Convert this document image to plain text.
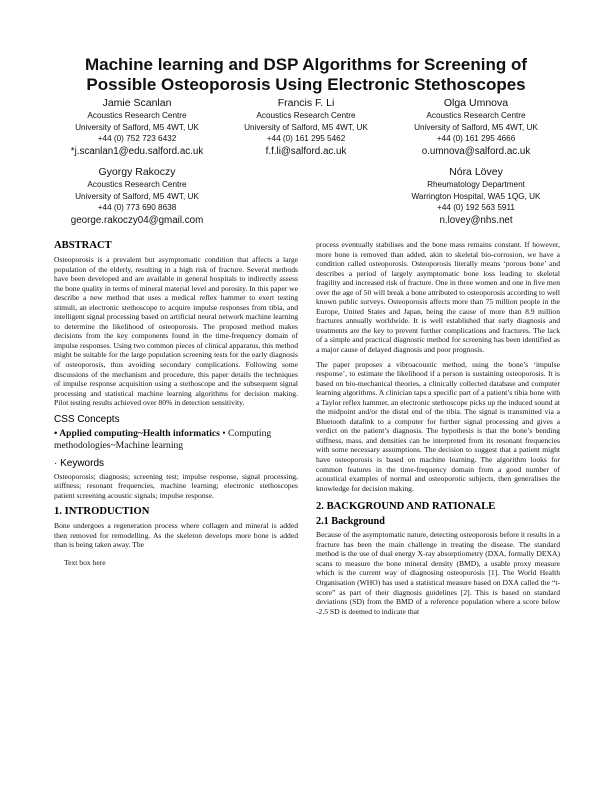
Machine learning and DSP Algorithms for Screening of
Possible Osteoporosis Using Electronic Stethoscopes
Jamie Scanlan
Acoustics Research Centre
University of Salford, M5 4WT, UK
+44 (0) 752 723 6432
*j.scanlan1@edu.salford.ac.uk
Francis F. Li
Acoustics Research Centre
University of Salford, M5 4WT, UK
+44 (0) 161 295 5462
f.f.li@salford.ac.uk
Olga Umnova
Acoustics Research Centre
University of Salford, M5 4WT, UK
+44 (0) 161 295 4666
o.umnova@salford.ac.uk
Gyorgy Rakoczy
Acoustics Research Centre
University of Salford, M5 4WT, UK
+44 (0) 773 690 8638
george.rakoczy04@gmail.com
Nóra Lövey
Rheumatology Department
Warrington Hospital, WA5 1QG, UK
+44 (0) 192 563 5911
n.lovey@nhs.net
ABSTRACT

Osteoporosis is a prevalent but asymptomatic condition that affects a large population of the elderly, resulting in a high risk of fracture. Several methods have been developed and are available in general hospitals to indirectly assess the bone quality in terms of mineral material level and porosity. In this paper we describe a new method that uses a medical reflex hammer to exert testing stimuli, an electronic stethoscope to acquire impulse responses from tibia, and intelligent signal processing based on artificial neural network machine learning to determine the likelihood of osteoporosis. The proposed method makes decisions from the key components found in the time-frequency domain of impulse responses. Using two common pieces of clinical apparatus, this method might be suitable for the large population screening tests for the early diagnosis of osteoporosis, thus avoiding secondary complications. Following some discussions of the mechanism and procedure, this paper details the techniques of impulse response acquisition using a stethoscope and the subsequent signal processing and statistical machine learning algorithms for decision making. Pilot testing results achieved over 80% in detection sensitivity.

CSS Concepts
• Applied computing~Health informatics • Computing methodologies~Machine learning
· Keywords

Osteoporosis; diagnosis; screening test; impulse response, signal processing, stiffness; resonant frequencies, machine learning; electronic stethoscopes patient screening acoustic signals; impulse response.

1. INTRODUCTION

Bone undergoes a regeneration process where collagen and mineral is added then removed for remodelling. As the skeleton develops more bone is added than is being taken away. The

Text box here

process eventually stabilises and the bone mass remains constant. If however, more bone is removed than added, akin to skeletal bio-corrosion, we have a condition called osteoporosis. Osteoporosis literally means ‘porous bone’ and describes a period of largely asymptomatic bone loss leading to skeletal fragility and increased risk of fracture. One in three women and one in five men over the age of 50 will break a bone attributed to osteoporosis according to well known public surveys. Osteoporosis affects more than 75 million people in the Europe, United States and Japan, being the cause of more than 8.9 million fractures annually worldwide. It is well established that early diagnosis and treatments are the key to prevent further complications and fractures. The lack of a simple and practical diagnostic method for screening has been identified as a major cause of delayed diagnosis and poor prognosis.

The paper proposes a vibroacoustic method, using the bone’s ‘impulse response’, to estimate the likelihood if a person is sustaining osteoporosis. It is based on bio-mechanical theories, a clinically collected database and computer learning algorithms. A clinician taps a specific part of a patient’s tibia bone with a Taylor reflex hammer, an electronic stethoscope picks up the induced sound at the midpoint and/or the distal end of the tibia. The signal is transmitted via a Bluetooth datalink to a computer for further signal processing and gives a verdict on the patient’s diagnosis. The hypothesis is that the bone’s bending stiffness, mass, and densities can be interpreted from its resonant frequencies with some necessary assumptions. The decision to suggest that a patient might have osteoporosis is based on machine learning. The algorithm looks for common features in the time-frequency domain from a good number of acoustical examples of normal and osteoporotic subjects, then generalises the knowledge for decision making.

2. BACKGROUND AND RATIONALE
2.1 Background

Because of the asymptomatic nature, detecting osteoporosis before it results in a fracture has been the main challenge in treating the disease. The standard method is the use of dual energy X-ray absorptiometry (DXA, formally DEXA) scans to measure the bone mineral density (BMD), a usable proxy measure which is the current way of diagnosing osteoporosis [1]. The World Health Organisation (WHO) has used a statistical measure based on DXA called the “t-score” as part of their diagnosis guidelines [2]. This is based on standard deviations (SD) from the BMD of a reference population where a score below -2.5 SD is deemed to indicate that
